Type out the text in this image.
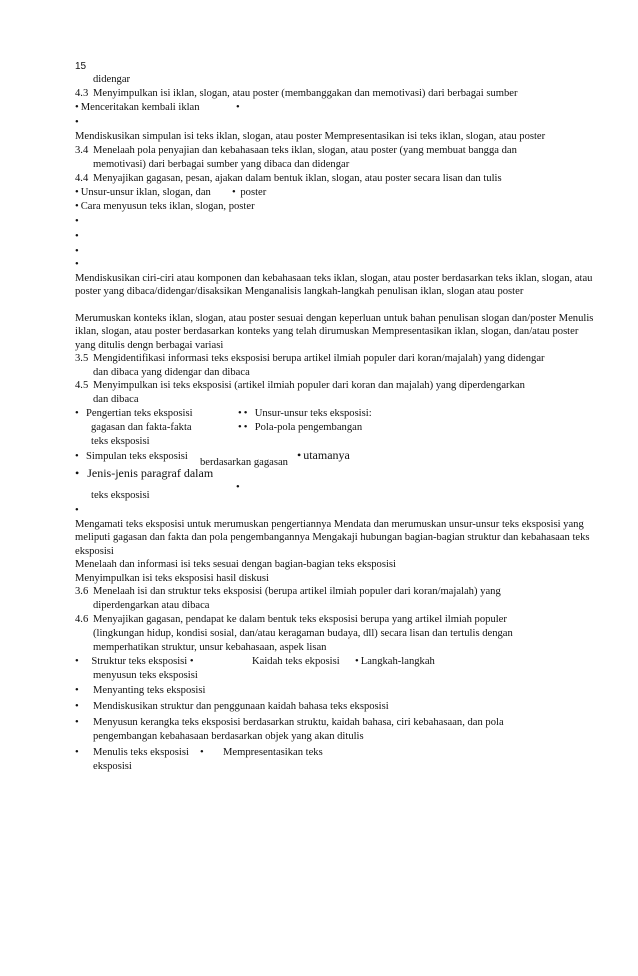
15
didengar
4.3 Menyimpulkan isi iklan, slogan, atau poster (membanggakan dan memotivasi) dari berbagai sumber
• Menceritakan kembali iklan	•
•
Mendiskusikan simpulan isi teks iklan, slogan, atau poster Mempresentasikan isi teks iklan, slogan, atau poster
3.4 Menelaah pola penyajian dan kebahasaan teks iklan, slogan, atau poster (yang membuat bangga dan
memotivasi) dari berbagai sumber yang dibaca dan didengar
4.4 Menyajikan gagasan, pesan, ajakan dalam bentuk iklan, slogan, atau poster secara lisan dan tulis
• Unsur-unsur iklan, slogan, dan • poster
• Cara menyusun teks iklan, slogan, poster
•
•
•
•
Mendiskusikan ciri-ciri atau komponen dan kebahasaan teks iklan, slogan, atau poster berdasarkan teks iklan, slogan, atau poster yang dibaca/didengar/disaksikan Menganalisis langkah-langkah penulisan iklan, slogan atau poster
Merumuskan konteks iklan, slogan, atau poster sesuai dengan keperluan untuk bahan penulisan slogan dan/poster Menulis iklan, slogan, atau poster berdasarkan konteks yang telah dirumuskan Mempresentasikan iklan, slogan, dan/atau poster yang ditulis dengn berbagai variasi
3.5 Mengidentifikasi informasi teks eksposisi berupa artikel ilmiah populer dari koran/majalah) yang didengar
dan dibaca yang didengar dan dibaca
4.5 Menyimpulkan isi teks eksposisi (artikel ilmiah populer dari koran dan majalah) yang diperdengarkan
dan dibaca
• Pengertian teks eksposisi	• • Unsur-unsur teks eksposisi:
gagasan dan fakta-fakta	• • Pola-pola pengembangan
teks eksposisi
• Simpulan teks eksposisi
berdasarkan gagasan
• utamanya
• Jenis-jenis paragraf dalam
•
teks eksposisi
•
Mengamati teks eksposisi untuk merumuskan pengertiannya Mendata dan merumuskan unsur-unsur teks eksposisi yang meliputi gagasan dan fakta dan pola pengembangannya Mengakaji hubungan bagian-bagian struktur dan kebahasaan teks eksposisi
Menelaah dan informasi isi teks sesuai dengan bagian-bagian teks eksposisi
Menyimpulkan isi teks eksposisi hasil diskusi
3.6 Menelaah isi dan struktur teks eksposisi (berupa artikel ilmiah populer dari koran/majalah) yang
diperdengarkan atau dibaca
4.6 Menyajikan gagasan, pendapat ke dalam bentuk teks eksposisi berupa yang artikel ilmiah populer
(lingkungan hidup, kondisi sosial, dan/atau keragaman budaya, dll) secara lisan dan tertulis dengan
memperhatikan struktur, unsur kebahasaan, aspek lisan
• Struktur teks eksposisi •	Kaidah teks ekposisi • Langkah-langkah
menyusun teks eksposisi
• Menyanting teks eksposisi
• Mendiskusikan struktur dan penggunaan kaidah bahasa teks eksposisi
• Menyusun kerangka teks eksposisi berdasarkan struktu, kaidah bahasa, ciri kebahasaan, dan pola
pengembangan kebahasaan berdasarkan objek yang akan ditulis
• Menulis teks eksposisi • Mempresentasikan teks
eksposisi
